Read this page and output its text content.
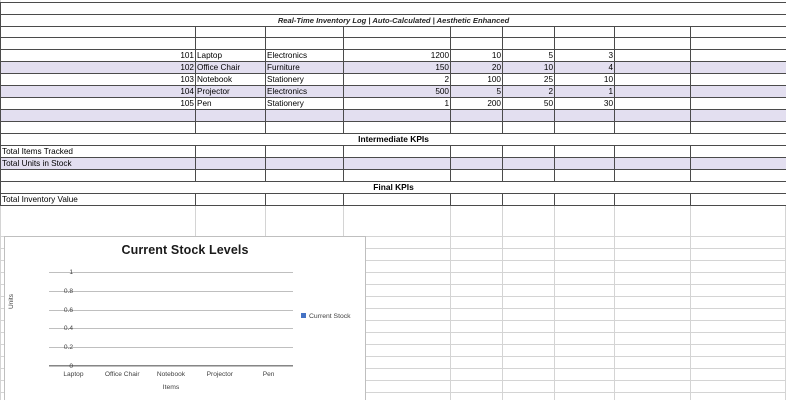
INVENTORY COUNT SHEET								
Real-Time Inventory Log | Auto-Calculated | Aesthetic Enhanced								

Item ID	Item Name	Category	Unit Price ($)	Initial Stock	Stock In	Stock Out	Current Stock	Inventory Value ($)
101	Laptop	Electronics	1200	10	5	3		
102	Office Chair	Furniture	150	20	10	4		
103	Notebook	Stationery	2	100	25	10		
104	Projector	Electronics	500	5	2	1		
105	Pen	Stationery	1	200	50	30		

Intermediate KPIs								
Total Items Tracked								
Total Units in Stock								

Final KPIs								
Total Inventory Value								
Current Stock Levels
Units
Items
Current Stock
0
0.2
0.4
0.6
0.8
1
Laptop	Office Chair	Notebook	Projector	Pen
